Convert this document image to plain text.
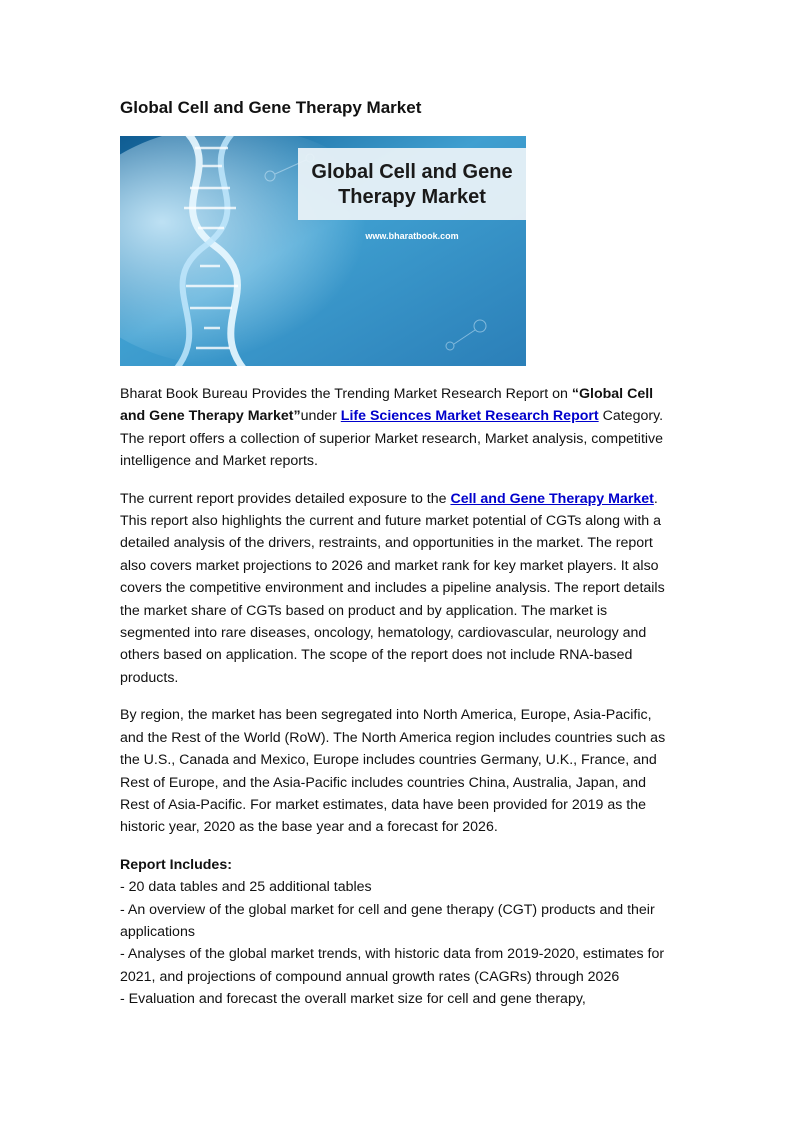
Global Cell and Gene Therapy Market
Global Cell and Gene
Therapy Market
www.bharatbook.com

Bharat Book Bureau Provides the Trending Market Research Report on “Global Cell and Gene Therapy Market”under Life Sciences Market Research Report Category. The report offers a collection of superior Market research, Market analysis, competitive intelligence and Market reports.

The current report provides detailed exposure to the Cell and Gene Therapy Market. This report also highlights the current and future market potential of CGTs along with a detailed analysis of the drivers, restraints, and opportunities in the market. The report also covers market projections to 2026 and market rank for key market players. It also covers the competitive environment and includes a pipeline analysis. The report details the market share of CGTs based on product and by application. The market is segmented into rare diseases, oncology, hematology, cardiovascular, neurology and others based on application. The scope of the report does not include RNA-based products.

By region, the market has been segregated into North America, Europe, Asia-Pacific, and the Rest of the World (RoW). The North America region includes countries such as the U.S., Canada and Mexico, Europe includes countries Germany, U.K., France, and Rest of Europe, and the Asia-Pacific includes countries China, Australia, Japan, and Rest of Asia-Pacific. For market estimates, data have been provided for 2019 as the historic year, 2020 as the base year and a forecast for 2026.

Report Includes:
- 20 data tables and 25 additional tables
- An overview of the global market for cell and gene therapy (CGT) products and their applications
- Analyses of the global market trends, with historic data from 2019-2020, estimates for 2021, and projections of compound annual growth rates (CAGRs) through 2026
- Evaluation and forecast the overall market size for cell and gene therapy,
